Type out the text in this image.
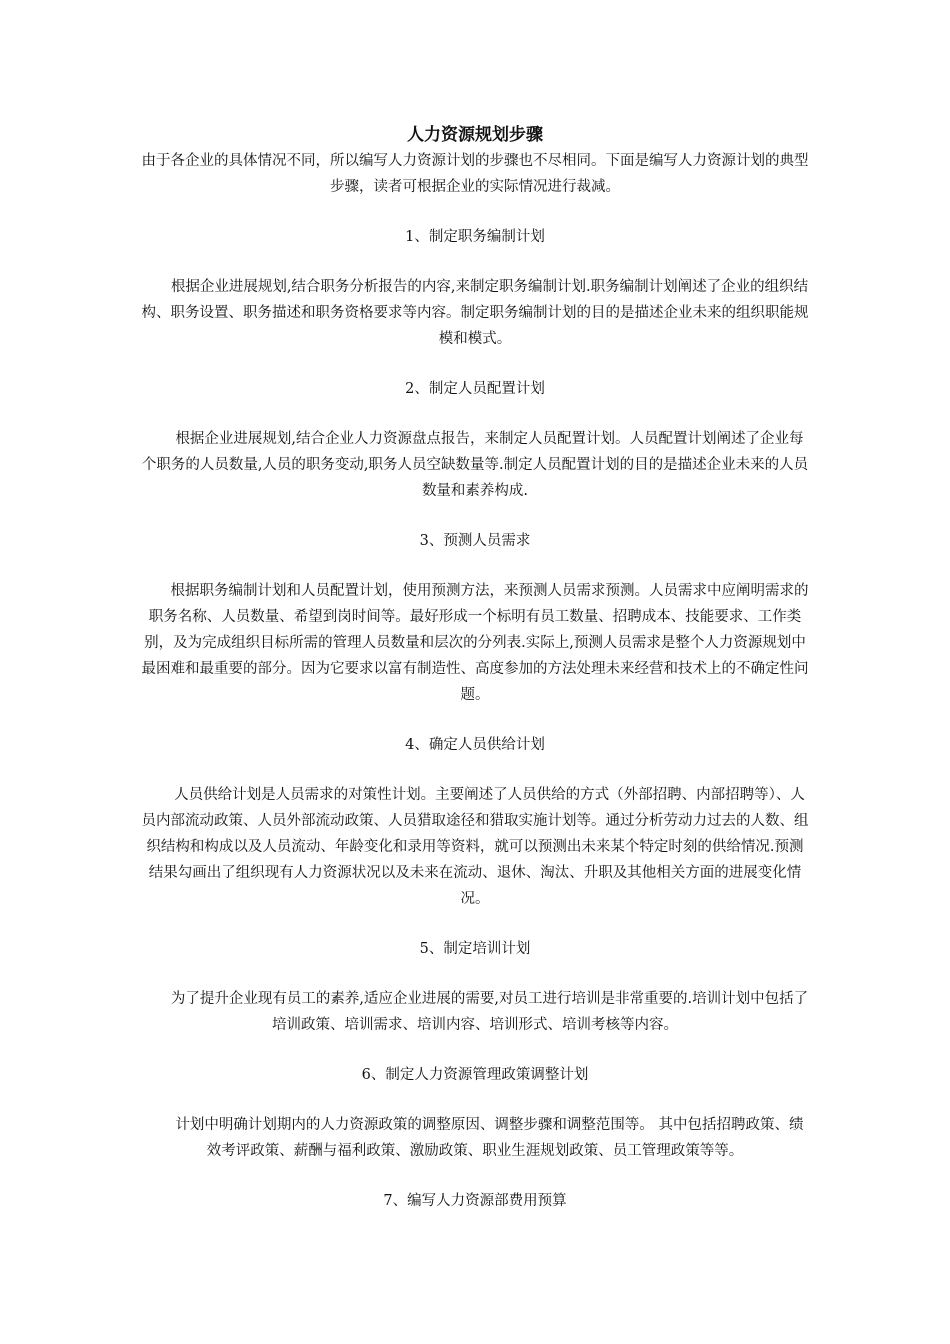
人力资源规划步骤

由于各企业的具体情况不同，所以编写人力资源计划的步骤也不尽相同。下面是编写人力资源计划的典型步骤，读者可根据企业的实际情况进行裁减。

1、制定职务编制计划

根据企业进展规划,结合职务分析报告的内容,来制定职务编制计划.职务编制计划阐述了企业的组织结构、职务设置、职务描述和职务资格要求等内容。制定职务编制计划的目的是描述企业未来的组织职能规模和模式。

2、制定人员配置计划

根据企业进展规划,结合企业人力资源盘点报告，来制定人员配置计划。人员配置计划阐述了企业每个职务的人员数量,人员的职务变动,职务人员空缺数量等.制定人员配置计划的目的是描述企业未来的人员数量和素养构成.

3、预测人员需求

根据职务编制计划和人员配置计划，使用预测方法，来预测人员需求预测。人员需求中应阐明需求的职务名称、人员数量、希望到岗时间等。最好形成一个标明有员工数量、招聘成本、技能要求、工作类别，及为完成组织目标所需的管理人员数量和层次的分列表.实际上,预测人员需求是整个人力资源规划中最困难和最重要的部分。因为它要求以富有制造性、高度参加的方法处理未来经营和技术上的不确定性问题。

4、确定人员供给计划

人员供给计划是人员需求的对策性计划。主要阐述了人员供给的方式（外部招聘、内部招聘等）、人员内部流动政策、人员外部流动政策、人员猎取途径和猎取实施计划等。通过分析劳动力过去的人数、组织结构和构成以及人员流动、年龄变化和录用等资料，就可以预测出未来某个特定时刻的供给情况.预测结果勾画出了组织现有人力资源状况以及未来在流动、退休、淘汰、升职及其他相关方面的进展变化情况。

5、制定培训计划

为了提升企业现有员工的素养,适应企业进展的需要,对员工进行培训是非常重要的.培训计划中包括了培训政策、培训需求、培训内容、培训形式、培训考核等内容。

6、制定人力资源管理政策调整计划

计划中明确计划期内的人力资源政策的调整原因、调整步骤和调整范围等。 其中包括招聘政策、绩效考评政策、薪酬与福利政策、激励政策、职业生涯规划政策、员工管理政策等等。

7、编写人力资源部费用预算
